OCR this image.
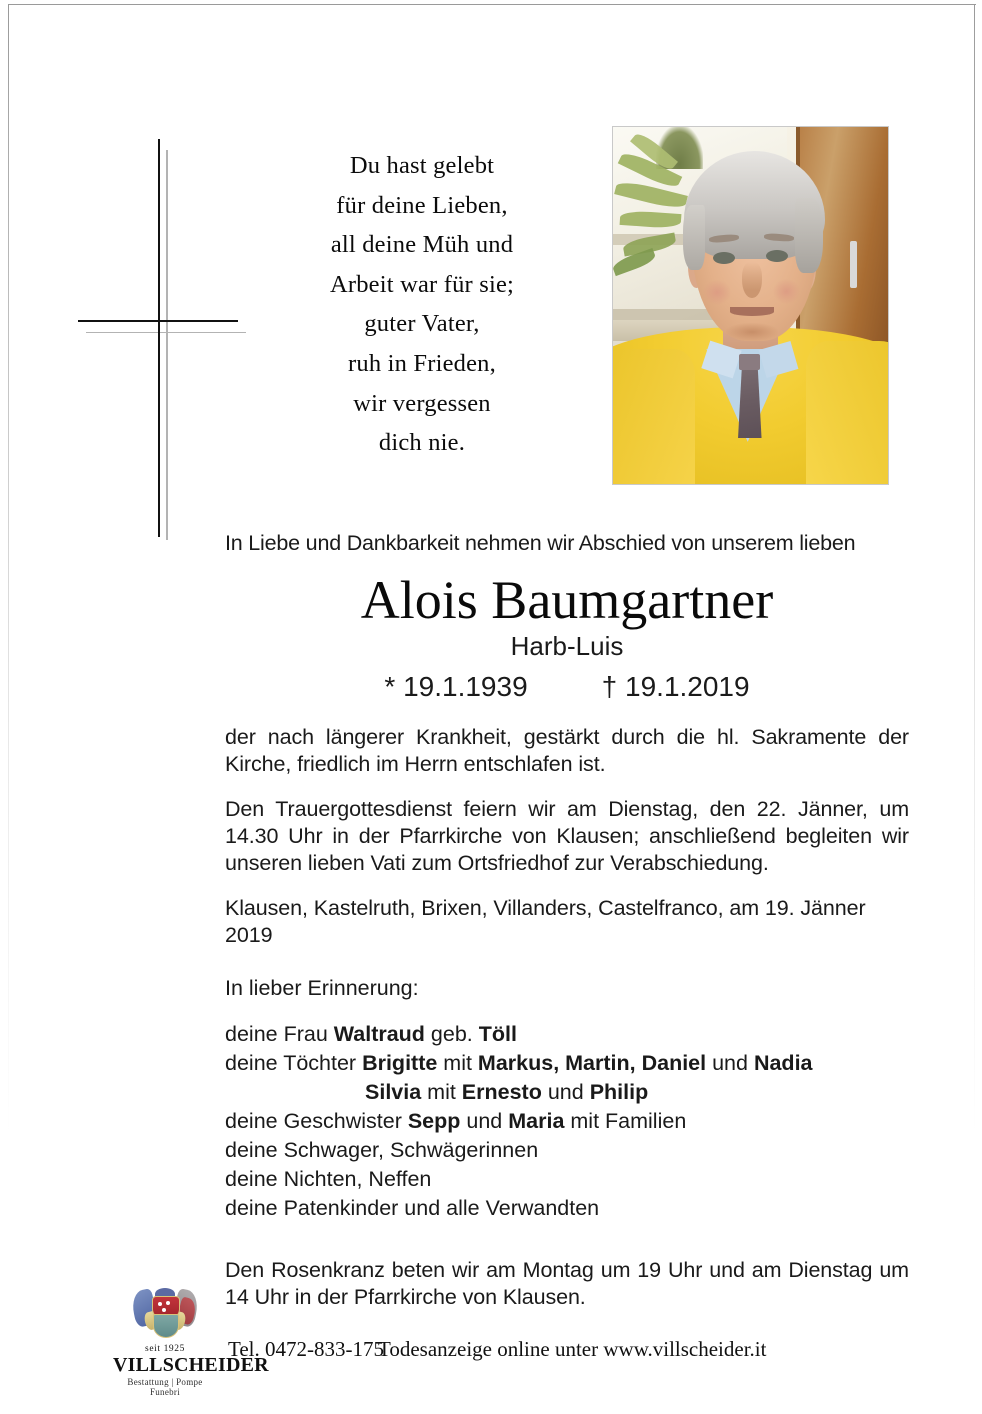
Du hast gelebt
für deine Lieben,
all deine Müh und
Arbeit war für sie;
guter Vater,
ruh in Frieden,
wir vergessen
dich nie.
In Liebe und Dankbarkeit nehmen wir Abschied von unserem lieben
Alois Baumgartner
Harb-Luis
* 19.1.1939	† 19.1.2019
der nach längerer Krankheit, gestärkt durch die hl. Sakramente der Kirche, friedlich im Herrn entschlafen ist.
Den Trauergottesdienst feiern wir am Dienstag, den 22. Jänner, um 14.30 Uhr in der Pfarrkirche von Klausen; anschließend begleiten wir unseren lieben Vati zum Ortsfriedhof zur Verabschiedung.
Klausen, Kastelruth, Brixen, Villanders, Castelfranco, am 19. Jänner 2019
In lieber Erinnerung:
deine Frau Waltraud geb. Töll
deine Töchter Brigitte mit Markus, Martin, Daniel und Nadia
Silvia mit Ernesto und Philip
deine Geschwister Sepp und Maria mit Familien
deine Schwager, Schwägerinnen
deine Nichten, Neffen
deine Patenkinder und alle Verwandten
Den Rosenkranz beten wir am Montag um 19 Uhr und am Dienstag um 14 Uhr in der Pfarrkirche von Klausen.
seit 1925
VILLSCHEIDER
Bestattung | Pompe Funebri
Tel. 0472-833-175
Todesanzeige online unter www.villscheider.it
